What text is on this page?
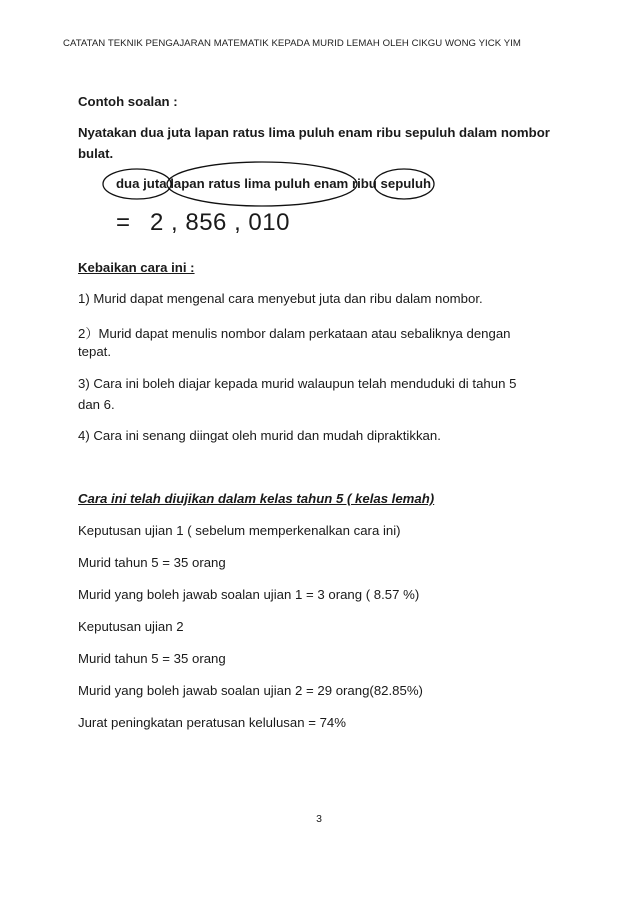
CATATAN TEKNIK PENGAJARAN MATEMATIK KEPADA MURID LEMAH OLEH CIKGU WONG YICK YIM
Contoh soalan :
Nyatakan dua juta lapan ratus lima puluh enam ribu sepuluh dalam nombor
bulat.
dua juta lapan ratus lima puluh enam ribu sepuluh
= 2 , 856 , 010
Kebaikan cara ini :
1) Murid dapat mengenal cara menyebut juta dan ribu dalam nombor.
2）Murid dapat menulis nombor dalam perkataan atau sebaliknya dengan
tepat.
3) Cara ini boleh diajar kepada murid walaupun telah menduduki di tahun 5
dan 6.
4) Cara ini senang diingat oleh murid dan mudah dipraktikkan.
Cara ini telah diujikan dalam kelas tahun 5 ( kelas lemah)
Keputusan ujian 1 ( sebelum memperkenalkan cara ini)
Murid tahun 5 = 35 orang
Murid yang boleh jawab soalan ujian 1 = 3 orang ( 8.57 %)
Keputusan ujian 2
Murid tahun 5 = 35 orang
Murid yang boleh jawab soalan ujian 2 = 29 orang(82.85%)
Jurat peningkatan peratusan kelulusan = 74%
3
